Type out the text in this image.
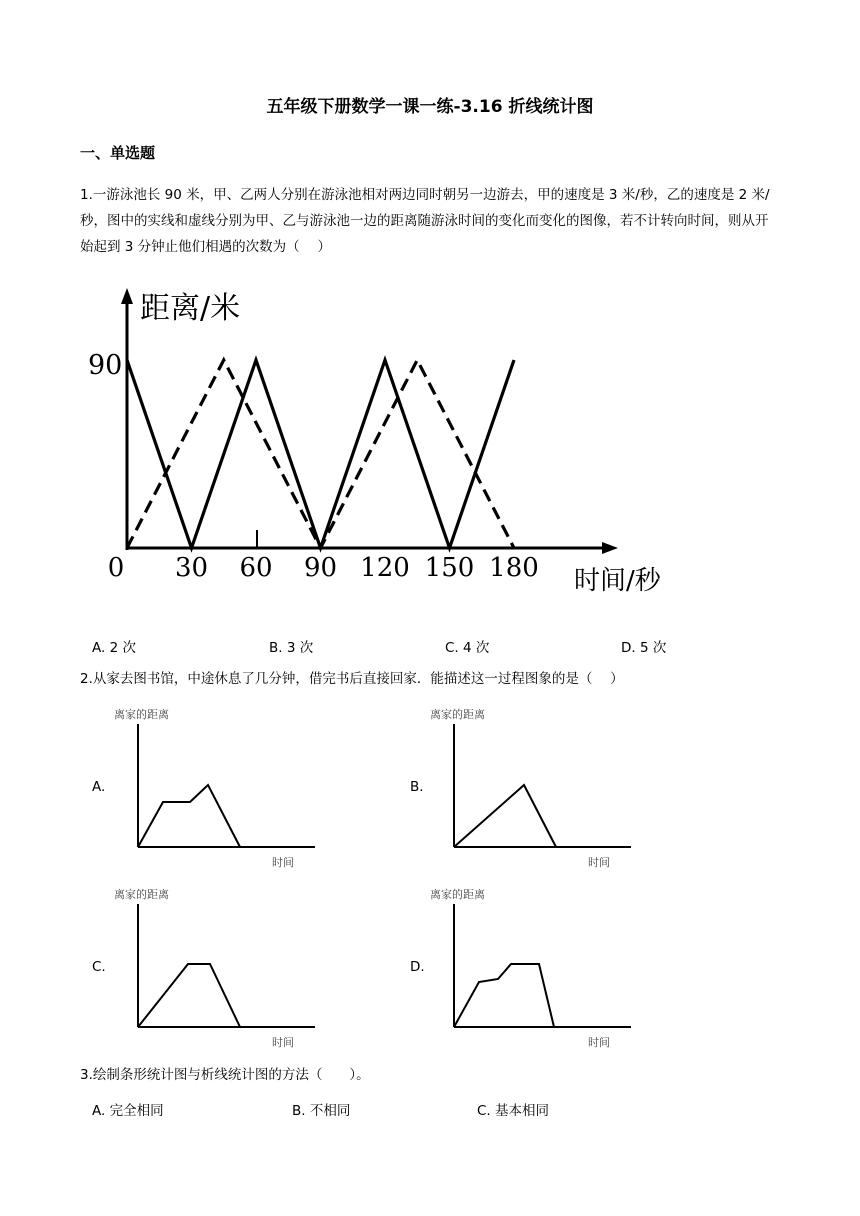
五年级下册数学一课一练-3.16 折线统计图
一、单选题
1.一游泳池长 90 米，甲、乙两人分别在游泳池相对两边同时朝另一边游去，甲的速度是 3 米/秒，乙的速度是 2 米/秒，图中的实线和虚线分别为甲、乙与游泳池一边的距离随游泳时间的变化而变化的图像，若不计转向时间，则从开始起到 3 分钟止他们相遇的次数为（　 ）
距离/米
90
0 30 60 90 120 150 180 时间/秒
A. 2 次	B. 3 次	C. 4 次	D. 5 次
2.从家去图书馆，中途休息了几分钟，借完书后直接回家．能描述这一过程图象的是（　 ）
A.
离家的距离
时间
B.
离家的距离
时间
C.
离家的距离
时间
D.
离家的距离
时间
3.绘制条形统计图与析线统计图的方法（　　）。
A. 完全相同	B. 不相同	C. 基本相同
